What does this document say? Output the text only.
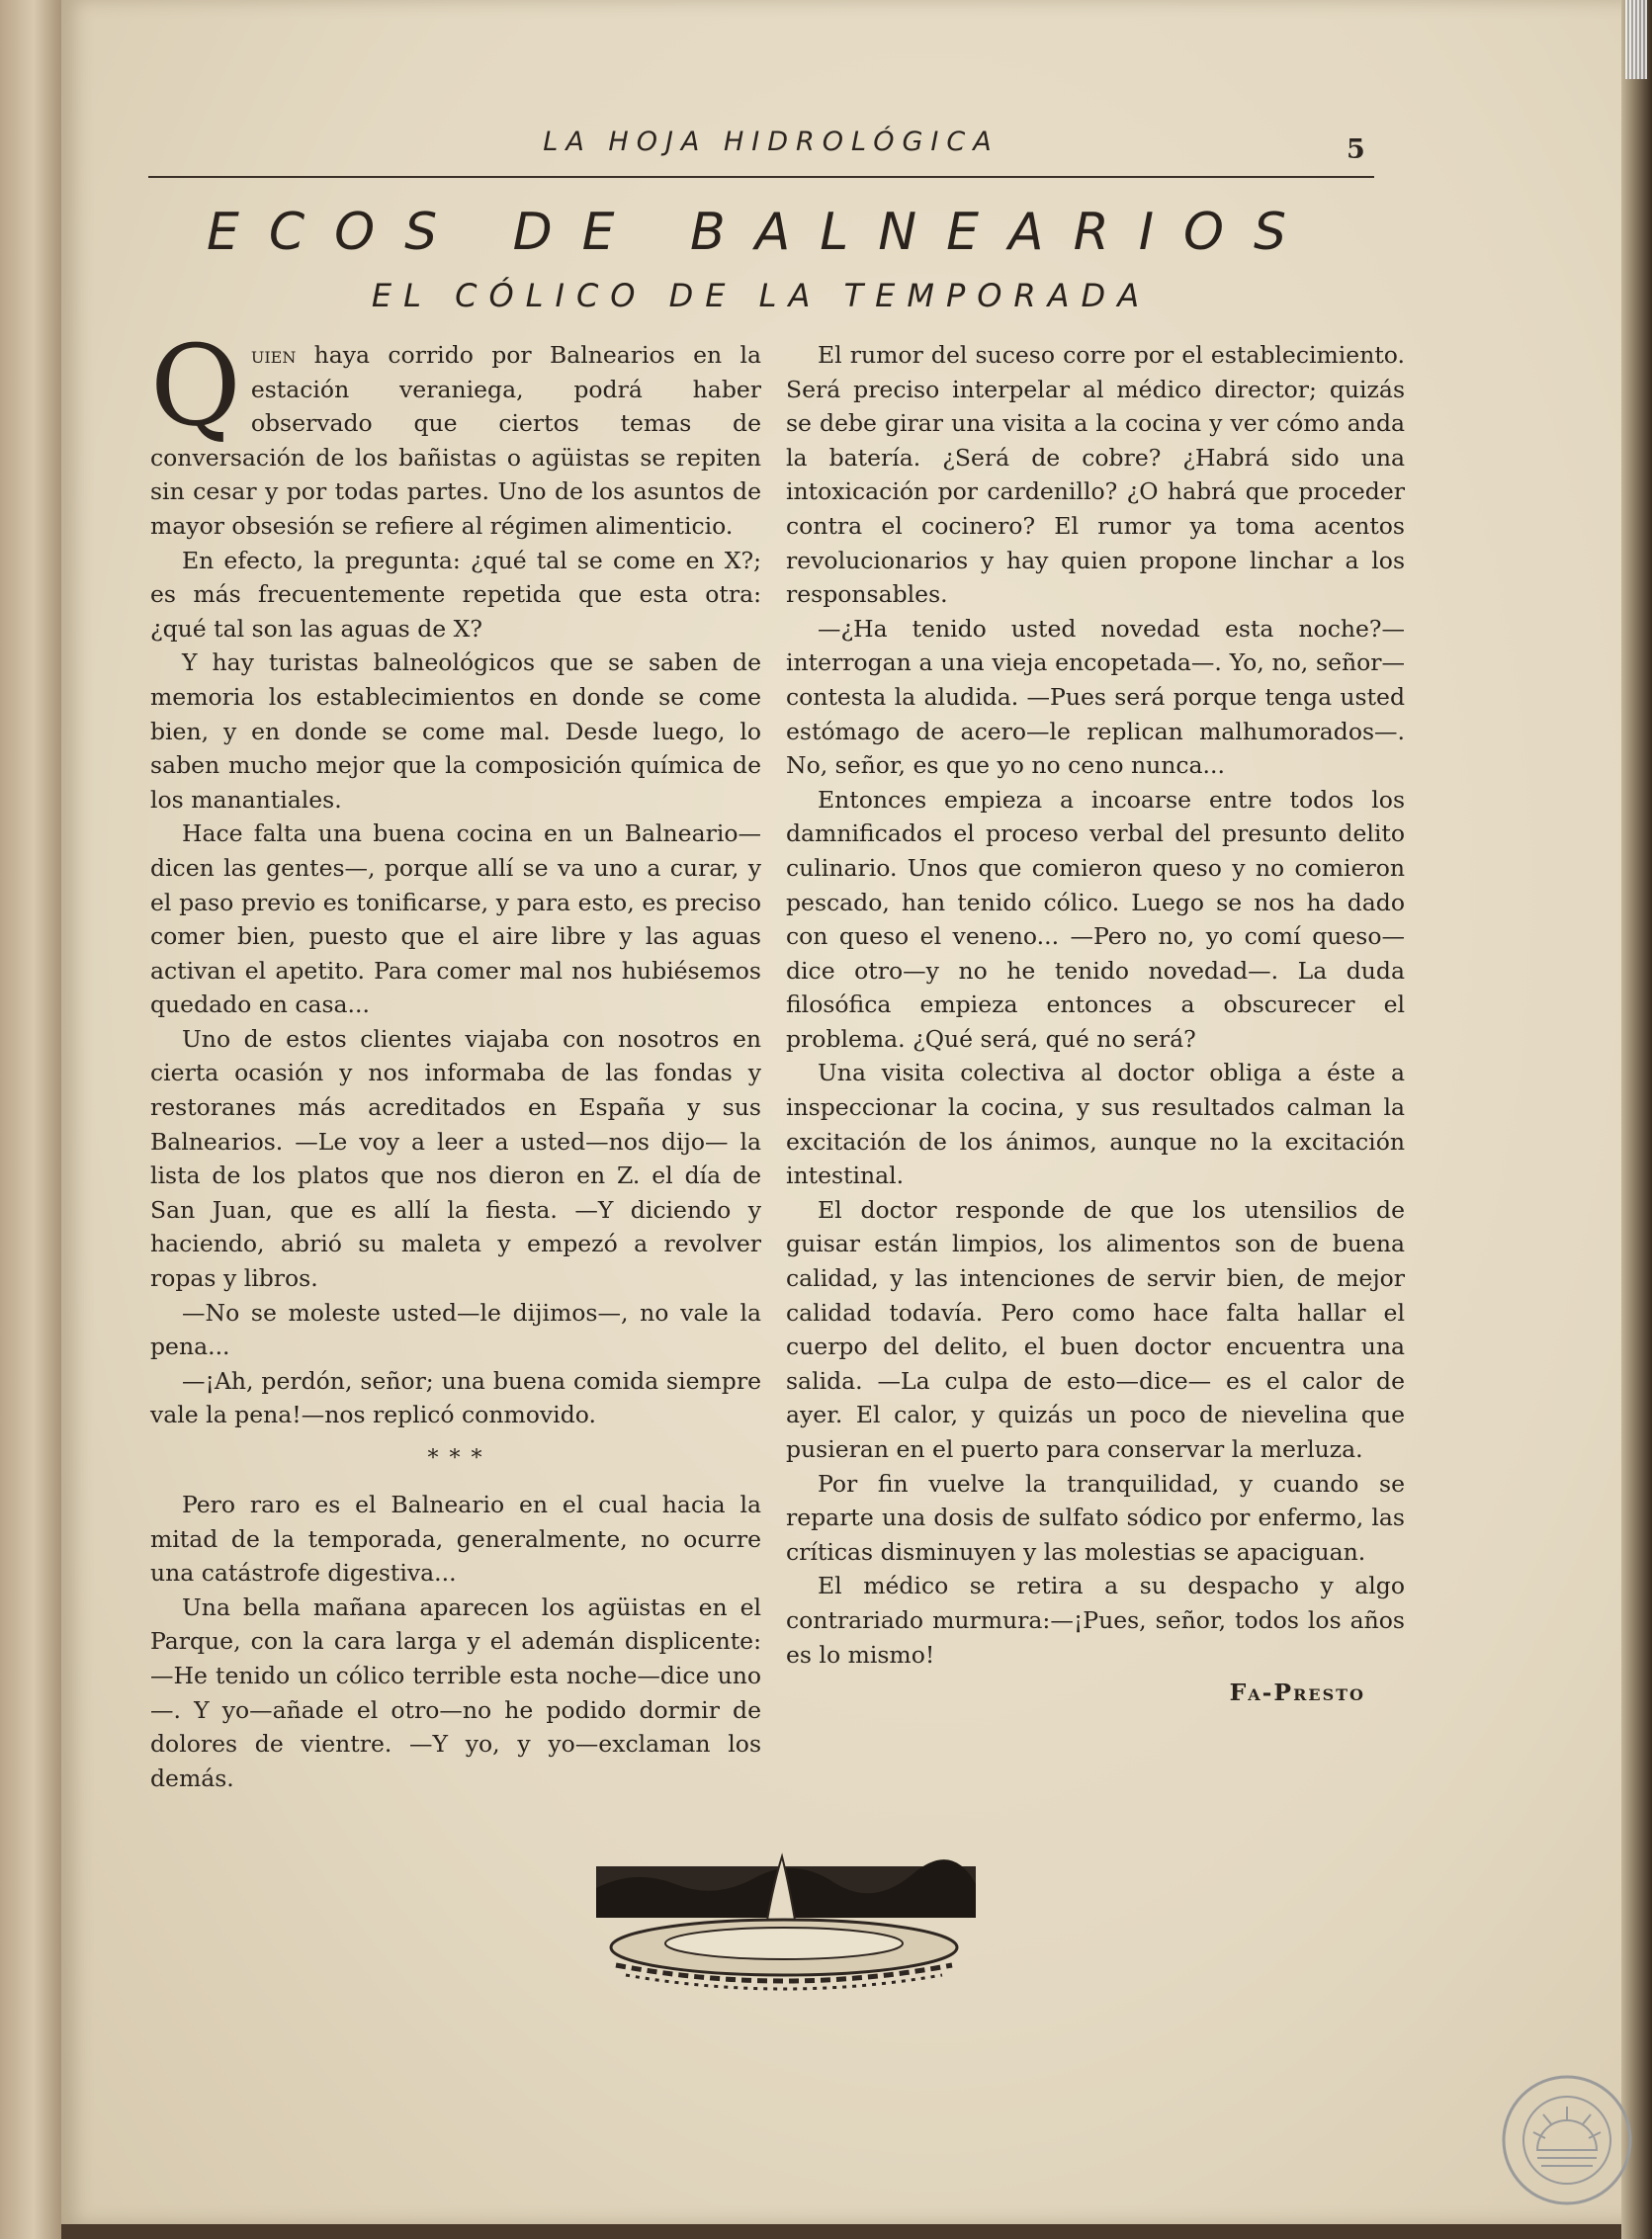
LA HOJA HIDROLÓGICA	5
ECOS DE BALNEARIOS
EL CÓLICO DE LA TEMPORADA

Quien haya corrido por Balnearios en la estación veraniega, podrá haber observado que ciertos temas de conversación de los bañistas o agüistas se repiten sin cesar y por todas partes. Uno de los asuntos de mayor obsesión se refiere al régimen alimenticio.

En efecto, la pregunta: ¿qué tal se come en X?; es más frecuentemente repetida que esta otra: ¿qué tal son las aguas de X?

Y hay turistas balneológicos que se saben de memoria los establecimientos en donde se come bien, y en donde se come mal. Desde luego, lo saben mucho mejor que la composición química de los manantiales.

Hace falta una buena cocina en un Balneario—dicen las gentes—, porque allí se va uno a curar, y el paso previo es tonificarse, y para esto, es preciso comer bien, puesto que el aire libre y las aguas activan el apetito. Para comer mal nos hubiésemos quedado en casa...

Uno de estos clientes viajaba con nosotros en cierta ocasión y nos informaba de las fondas y restoranes más acreditados en España y sus Balnearios. —Le voy a leer a usted—nos dijo— la lista de los platos que nos dieron en Z. el día de San Juan, que es allí la fiesta. —Y diciendo y haciendo, abrió su maleta y empezó a revolver ropas y libros.

—No se moleste usted—le dijimos—, no vale la pena...

—¡Ah, perdón, señor; una buena comida siempre vale la pena!—nos replicó conmovido.

* * *

Pero raro es el Balneario en el cual hacia la mitad de la temporada, generalmente, no ocurre una catástrofe digestiva...

Una bella mañana aparecen los agüistas en el Parque, con la cara larga y el ademán displicente:—He tenido un cólico terrible esta noche—dice uno—. Y yo—añade el otro—no he podido dormir de dolores de vientre. —Y yo, y yo—exclaman los demás.

El rumor del suceso corre por el establecimiento. Será preciso interpelar al médico director; quizás se debe girar una visita a la cocina y ver cómo anda la batería. ¿Será de cobre? ¿Habrá sido una intoxicación por cardenillo? ¿O habrá que proceder contra el cocinero? El rumor ya toma acentos revolucionarios y hay quien propone linchar a los responsables.

—¿Ha tenido usted novedad esta noche?—interrogan a una vieja encopetada—. Yo, no, señor—contesta la aludida. —Pues será porque tenga usted estómago de acero—le replican malhumorados—. No, señor, es que yo no ceno nunca...

Entonces empieza a incoarse entre todos los damnificados el proceso verbal del presunto delito culinario. Unos que comieron queso y no comieron pescado, han tenido cólico. Luego se nos ha dado con queso el veneno... —Pero no, yo comí queso—dice otro—y no he tenido novedad—. La duda filosófica empieza entonces a obscurecer el problema. ¿Qué será, qué no será?

Una visita colectiva al doctor obliga a éste a inspeccionar la cocina, y sus resultados calman la excitación de los ánimos, aunque no la excitación intestinal.

El doctor responde de que los utensilios de guisar están limpios, los alimentos son de buena calidad, y las intenciones de servir bien, de mejor calidad todavía. Pero como hace falta hallar el cuerpo del delito, el buen doctor encuentra una salida. —La culpa de esto—dice— es el calor de ayer. El calor, y quizás un poco de nievelina que pusieran en el puerto para conservar la merluza.

Por fin vuelve la tranquilidad, y cuando se reparte una dosis de sulfato sódico por enfermo, las críticas disminuyen y las molestias se apaciguan.

El médico se retira a su despacho y algo contrariado murmura:—¡Pues, señor, todos los años es lo mismo!

Fa-Presto
